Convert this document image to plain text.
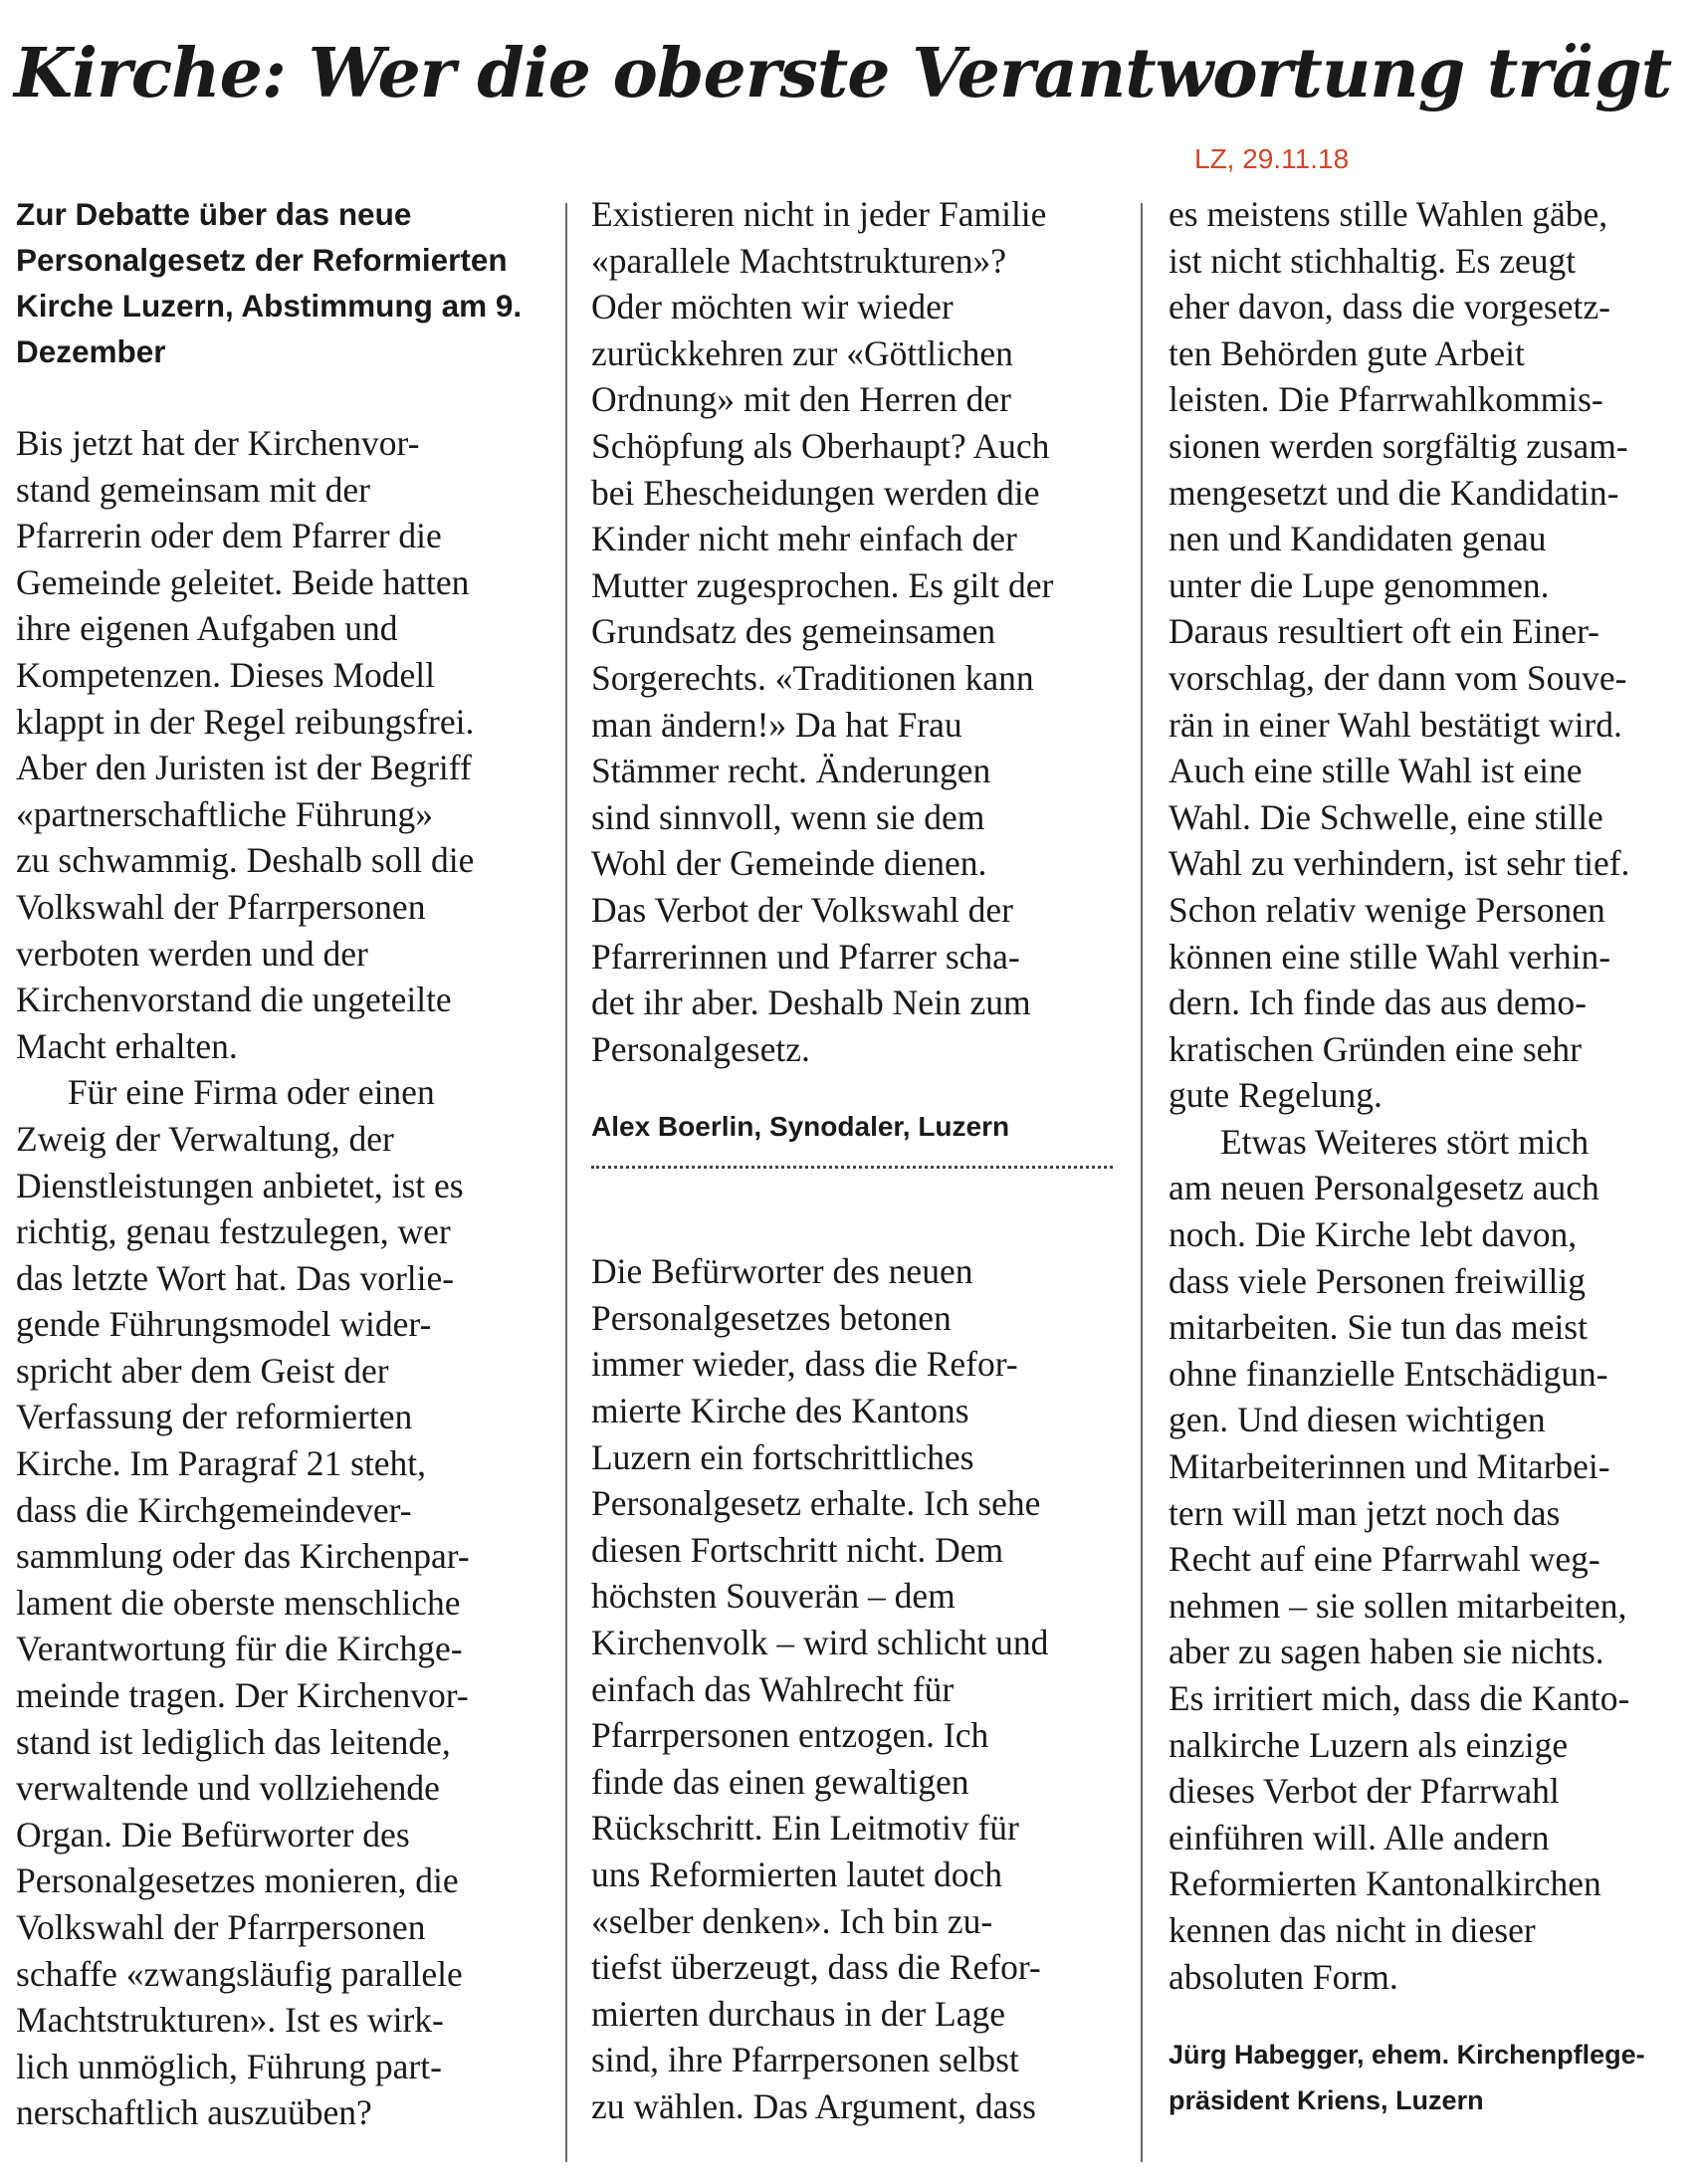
Kirche: Wer die oberste Verantwortung trägt
LZ, 29.11.18

Zur Debatte über das neue Personalgesetz der Reformierten Kirche Luzern, Abstimmung am 9. Dezember

Bis jetzt hat der Kirchenvor-
stand gemeinsam mit der
Pfarrerin oder dem Pfarrer die
Gemeinde geleitet. Beide hatten
ihre eigenen Aufgaben und
Kompetenzen. Dieses Modell
klappt in der Regel reibungsfrei.
Aber den Juristen ist der Begriff
«partnerschaftliche Führung»
zu schwammig. Deshalb soll die
Volkswahl der Pfarrpersonen
verboten werden und der
Kirchenvorstand die ungeteilte
Macht erhalten.
Für eine Firma oder einen
Zweig der Verwaltung, der
Dienstleistungen anbietet, ist es
richtig, genau festzulegen, wer
das letzte Wort hat. Das vorlie-
gende Führungsmodel wider-
spricht aber dem Geist der
Verfassung der reformierten
Kirche. Im Paragraf 21 steht,
dass die Kirchgemeindever-
sammlung oder das Kirchenpar-
lament die oberste menschliche
Verantwortung für die Kirchge-
meinde tragen. Der Kirchenvor-
stand ist lediglich das leitende,
verwaltende und vollziehende
Organ. Die Befürworter des
Personalgesetzes monieren, die
Volkswahl der Pfarrpersonen
schaffe «zwangsläufig parallele
Machtstrukturen». Ist es wirk-
lich unmöglich, Führung part-
nerschaftlich auszuüben?
Existieren nicht in jeder Familie
«parallele Machtstrukturen»?
Oder möchten wir wieder
zurückkehren zur «Göttlichen
Ordnung» mit den Herren der
Schöpfung als Oberhaupt? Auch
bei Ehescheidungen werden die
Kinder nicht mehr einfach der
Mutter zugesprochen. Es gilt der
Grundsatz des gemeinsamen
Sorgerechts. «Traditionen kann
man ändern!» Da hat Frau
Stämmer recht. Änderungen
sind sinnvoll, wenn sie dem
Wohl der Gemeinde dienen.
Das Verbot der Volkswahl der
Pfarrerinnen und Pfarrer scha-
det ihr aber. Deshalb Nein zum
Personalgesetz.
Alex Boerlin, Synodaler, Luzern
Die Befürworter des neuen
Personalgesetzes betonen
immer wieder, dass die Refor-
mierte Kirche des Kantons
Luzern ein fortschrittliches
Personalgesetz erhalte. Ich sehe
diesen Fortschritt nicht. Dem
höchsten Souverän – dem
Kirchenvolk – wird schlicht und
einfach das Wahlrecht für
Pfarrpersonen entzogen. Ich
finde das einen gewaltigen
Rückschritt. Ein Leitmotiv für
uns Reformierten lautet doch
«selber denken». Ich bin zu-
tiefst überzeugt, dass die Refor-
mierten durchaus in der Lage
sind, ihre Pfarrpersonen selbst
zu wählen. Das Argument, dass
es meistens stille Wahlen gäbe,
ist nicht stichhaltig. Es zeugt
eher davon, dass die vorgesetz-
ten Behörden gute Arbeit
leisten. Die Pfarrwahlkommis-
sionen werden sorgfältig zusam-
mengesetzt und die Kandidatin-
nen und Kandidaten genau
unter die Lupe genommen.
Daraus resultiert oft ein Einer-
vorschlag, der dann vom Souve-
rän in einer Wahl bestätigt wird.
Auch eine stille Wahl ist eine
Wahl. Die Schwelle, eine stille
Wahl zu verhindern, ist sehr tief.
Schon relativ wenige Personen
können eine stille Wahl verhin-
dern. Ich finde das aus demo-
kratischen Gründen eine sehr
gute Regelung.
Etwas Weiteres stört mich
am neuen Personalgesetz auch
noch. Die Kirche lebt davon,
dass viele Personen freiwillig
mitarbeiten. Sie tun das meist
ohne finanzielle Entschädigun-
gen. Und diesen wichtigen
Mitarbeiterinnen und Mitarbei-
tern will man jetzt noch das
Recht auf eine Pfarrwahl weg-
nehmen – sie sollen mitarbeiten,
aber zu sagen haben sie nichts.
Es irritiert mich, dass die Kanto-
nalkirche Luzern als einzige
dieses Verbot der Pfarrwahl
einführen will. Alle andern
Reformierten Kantonalkirchen
kennen das nicht in dieser
absoluten Form.
Jürg Habegger, ehem. Kirchenpflege-
präsident Kriens, Luzern
